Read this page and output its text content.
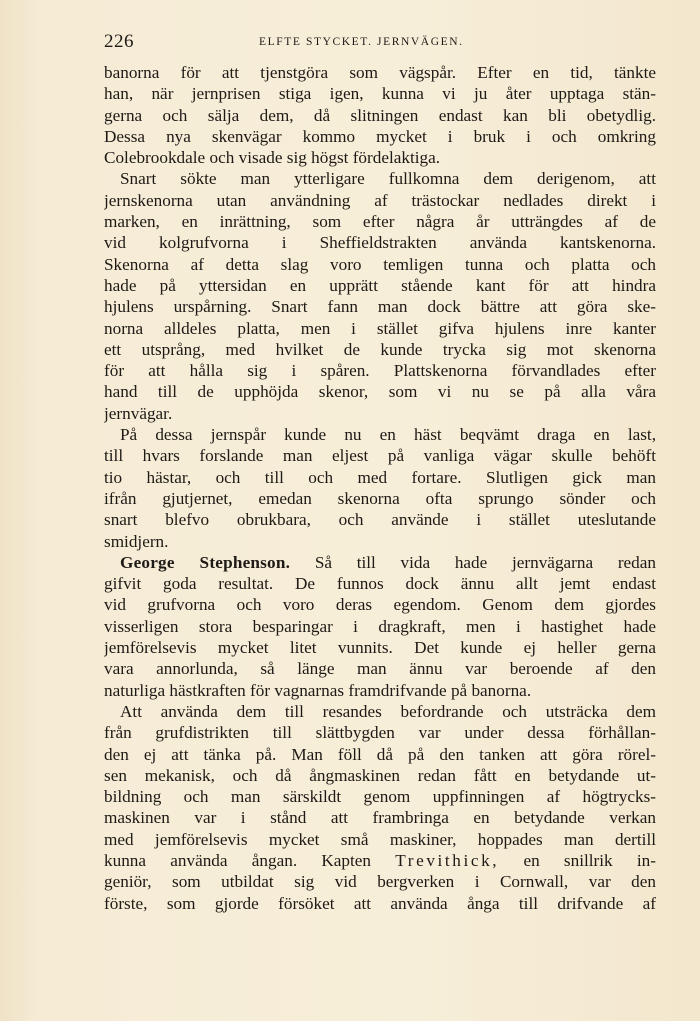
226	ELFTE STYCKET. JERNVÄGEN.
banorna för att tjenstgöra som vägspår. Efter en tid, tänkte
han, när jernprisen stiga igen, kunna vi ju åter upptaga stän-
gerna och sälja dem, då slitningen endast kan bli obetydlig.
Dessa nya skenvägar kommo mycket i bruk i och omkring
Colebrookdale och visade sig högst fördelaktiga.
Snart sökte man ytterligare fullkomna dem derigenom, att
jernskenorna utan användning af trästockar nedlades direkt i
marken, en inrättning, som efter några år utträngdes af de
vid kolgrufvorna i Sheffieldstrakten använda kantskenorna.
Skenorna af detta slag voro temligen tunna och platta och
hade på yttersidan en upprätt stående kant för att hindra
hjulens urspårning. Snart fann man dock bättre att göra ske-
norna alldeles platta, men i stället gifva hjulens inre kanter
ett utsprång, med hvilket de kunde trycka sig mot skenorna
för att hålla sig i spåren. Plattskenorna förvandlades efter
hand till de upphöjda skenor, som vi nu se på alla våra
jernvägar.
På dessa jernspår kunde nu en häst beqvämt draga en last,
till hvars forslande man eljest på vanliga vägar skulle behöft
tio hästar, och till och med fortare. Slutligen gick man
ifrån gjutjernet, emedan skenorna ofta sprungo sönder och
snart blefvo obrukbara, och använde i stället uteslutande
smidjern.
George Stephenson. Så till vida hade jernvägarna redan
gifvit goda resultat. De funnos dock ännu allt jemt endast
vid grufvorna och voro deras egendom. Genom dem gjordes
visserligen stora besparingar i dragkraft, men i hastighet hade
jemförelsevis mycket litet vunnits. Det kunde ej heller gerna
vara annorlunda, så länge man ännu var beroende af den
naturliga hästkraften för vagnarnas framdrifvande på banorna.
Att använda dem till resandes befordrande och utsträcka dem
från grufdistrikten till slättbygden var under dessa förhållan-
den ej att tänka på. Man föll då på den tanken att göra rörel-
sen mekanisk, och då ångmaskinen redan fått en betydande ut-
bildning och man särskildt genom uppfinningen af högtrycks-
maskinen var i stånd att frambringa en betydande verkan
med jemförelsevis mycket små maskiner, hoppades man dertill
kunna använda ångan. Kapten Trevithick, en snillrik in-
geniör, som utbildat sig vid bergverken i Cornwall, var den
förste, som gjorde försöket att använda ånga till drifvande af
